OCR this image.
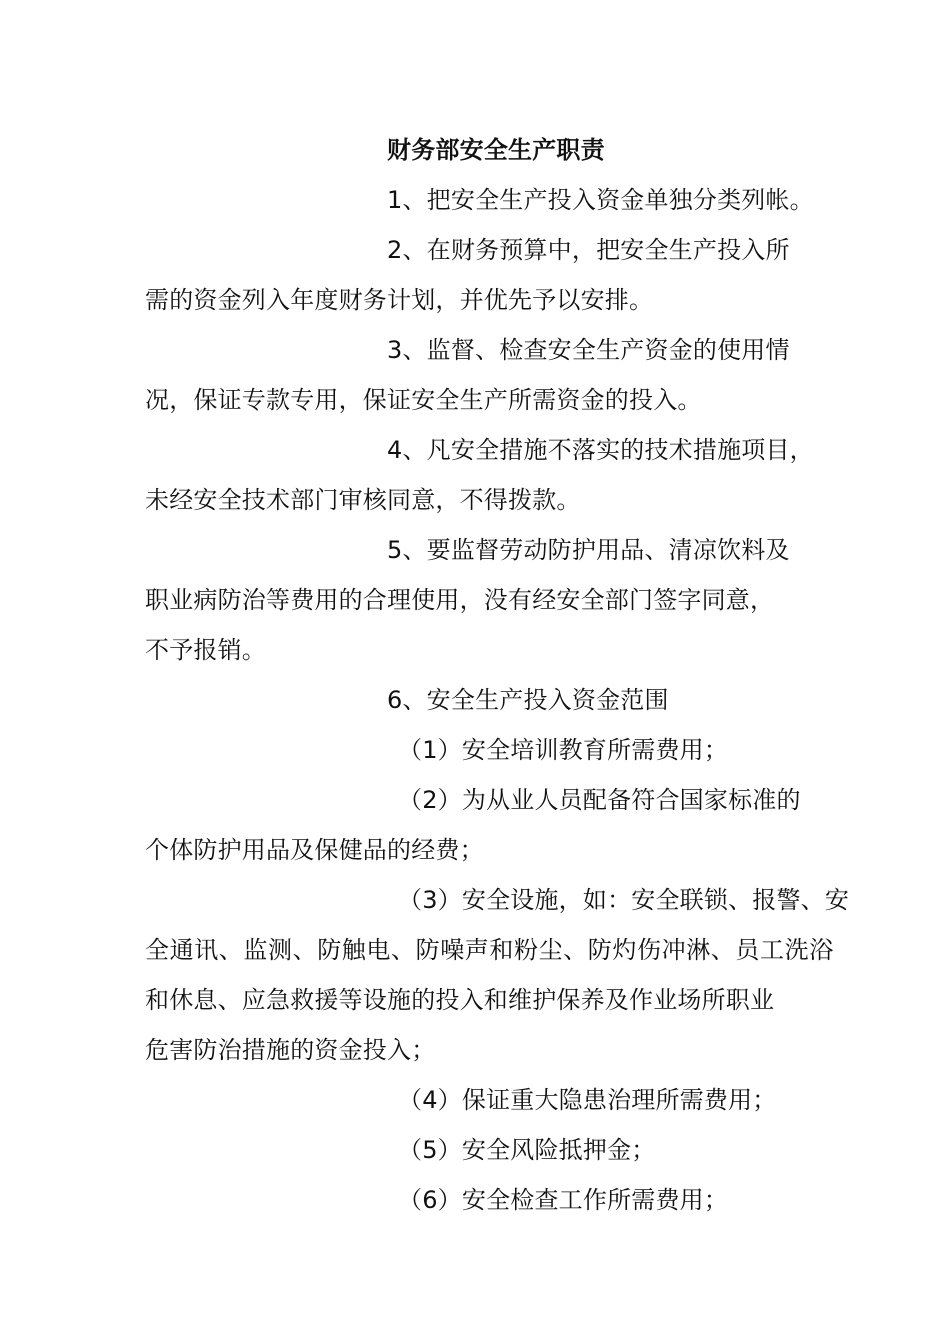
财务部安全生产职责
1、把安全生产投入资金单独分类列帐。
2、在财务预算中，把安全生产投入所
需的资金列入年度财务计划，并优先予以安排。
3、监督、检查安全生产资金的使用情
况，保证专款专用，保证安全生产所需资金的投入。
4、凡安全措施不落实的技术措施项目，
未经安全技术部门审核同意，不得拨款。
5、要监督劳动防护用品、清凉饮料及
职业病防治等费用的合理使用，没有经安全部门签字同意，
不予报销。
6、安全生产投入资金范围
（1）安全培训教育所需费用；
（2）为从业人员配备符合国家标准的
个体防护用品及保健品的经费；
（3）安全设施，如：安全联锁、报警、安
全通讯、监测、防触电、防噪声和粉尘、防灼伤冲淋、员工洗浴
和休息、应急救援等设施的投入和维护保养及作业场所职业
危害防治措施的资金投入；
（4）保证重大隐患治理所需费用；
（5）安全风险抵押金；
（6）安全检查工作所需费用；
